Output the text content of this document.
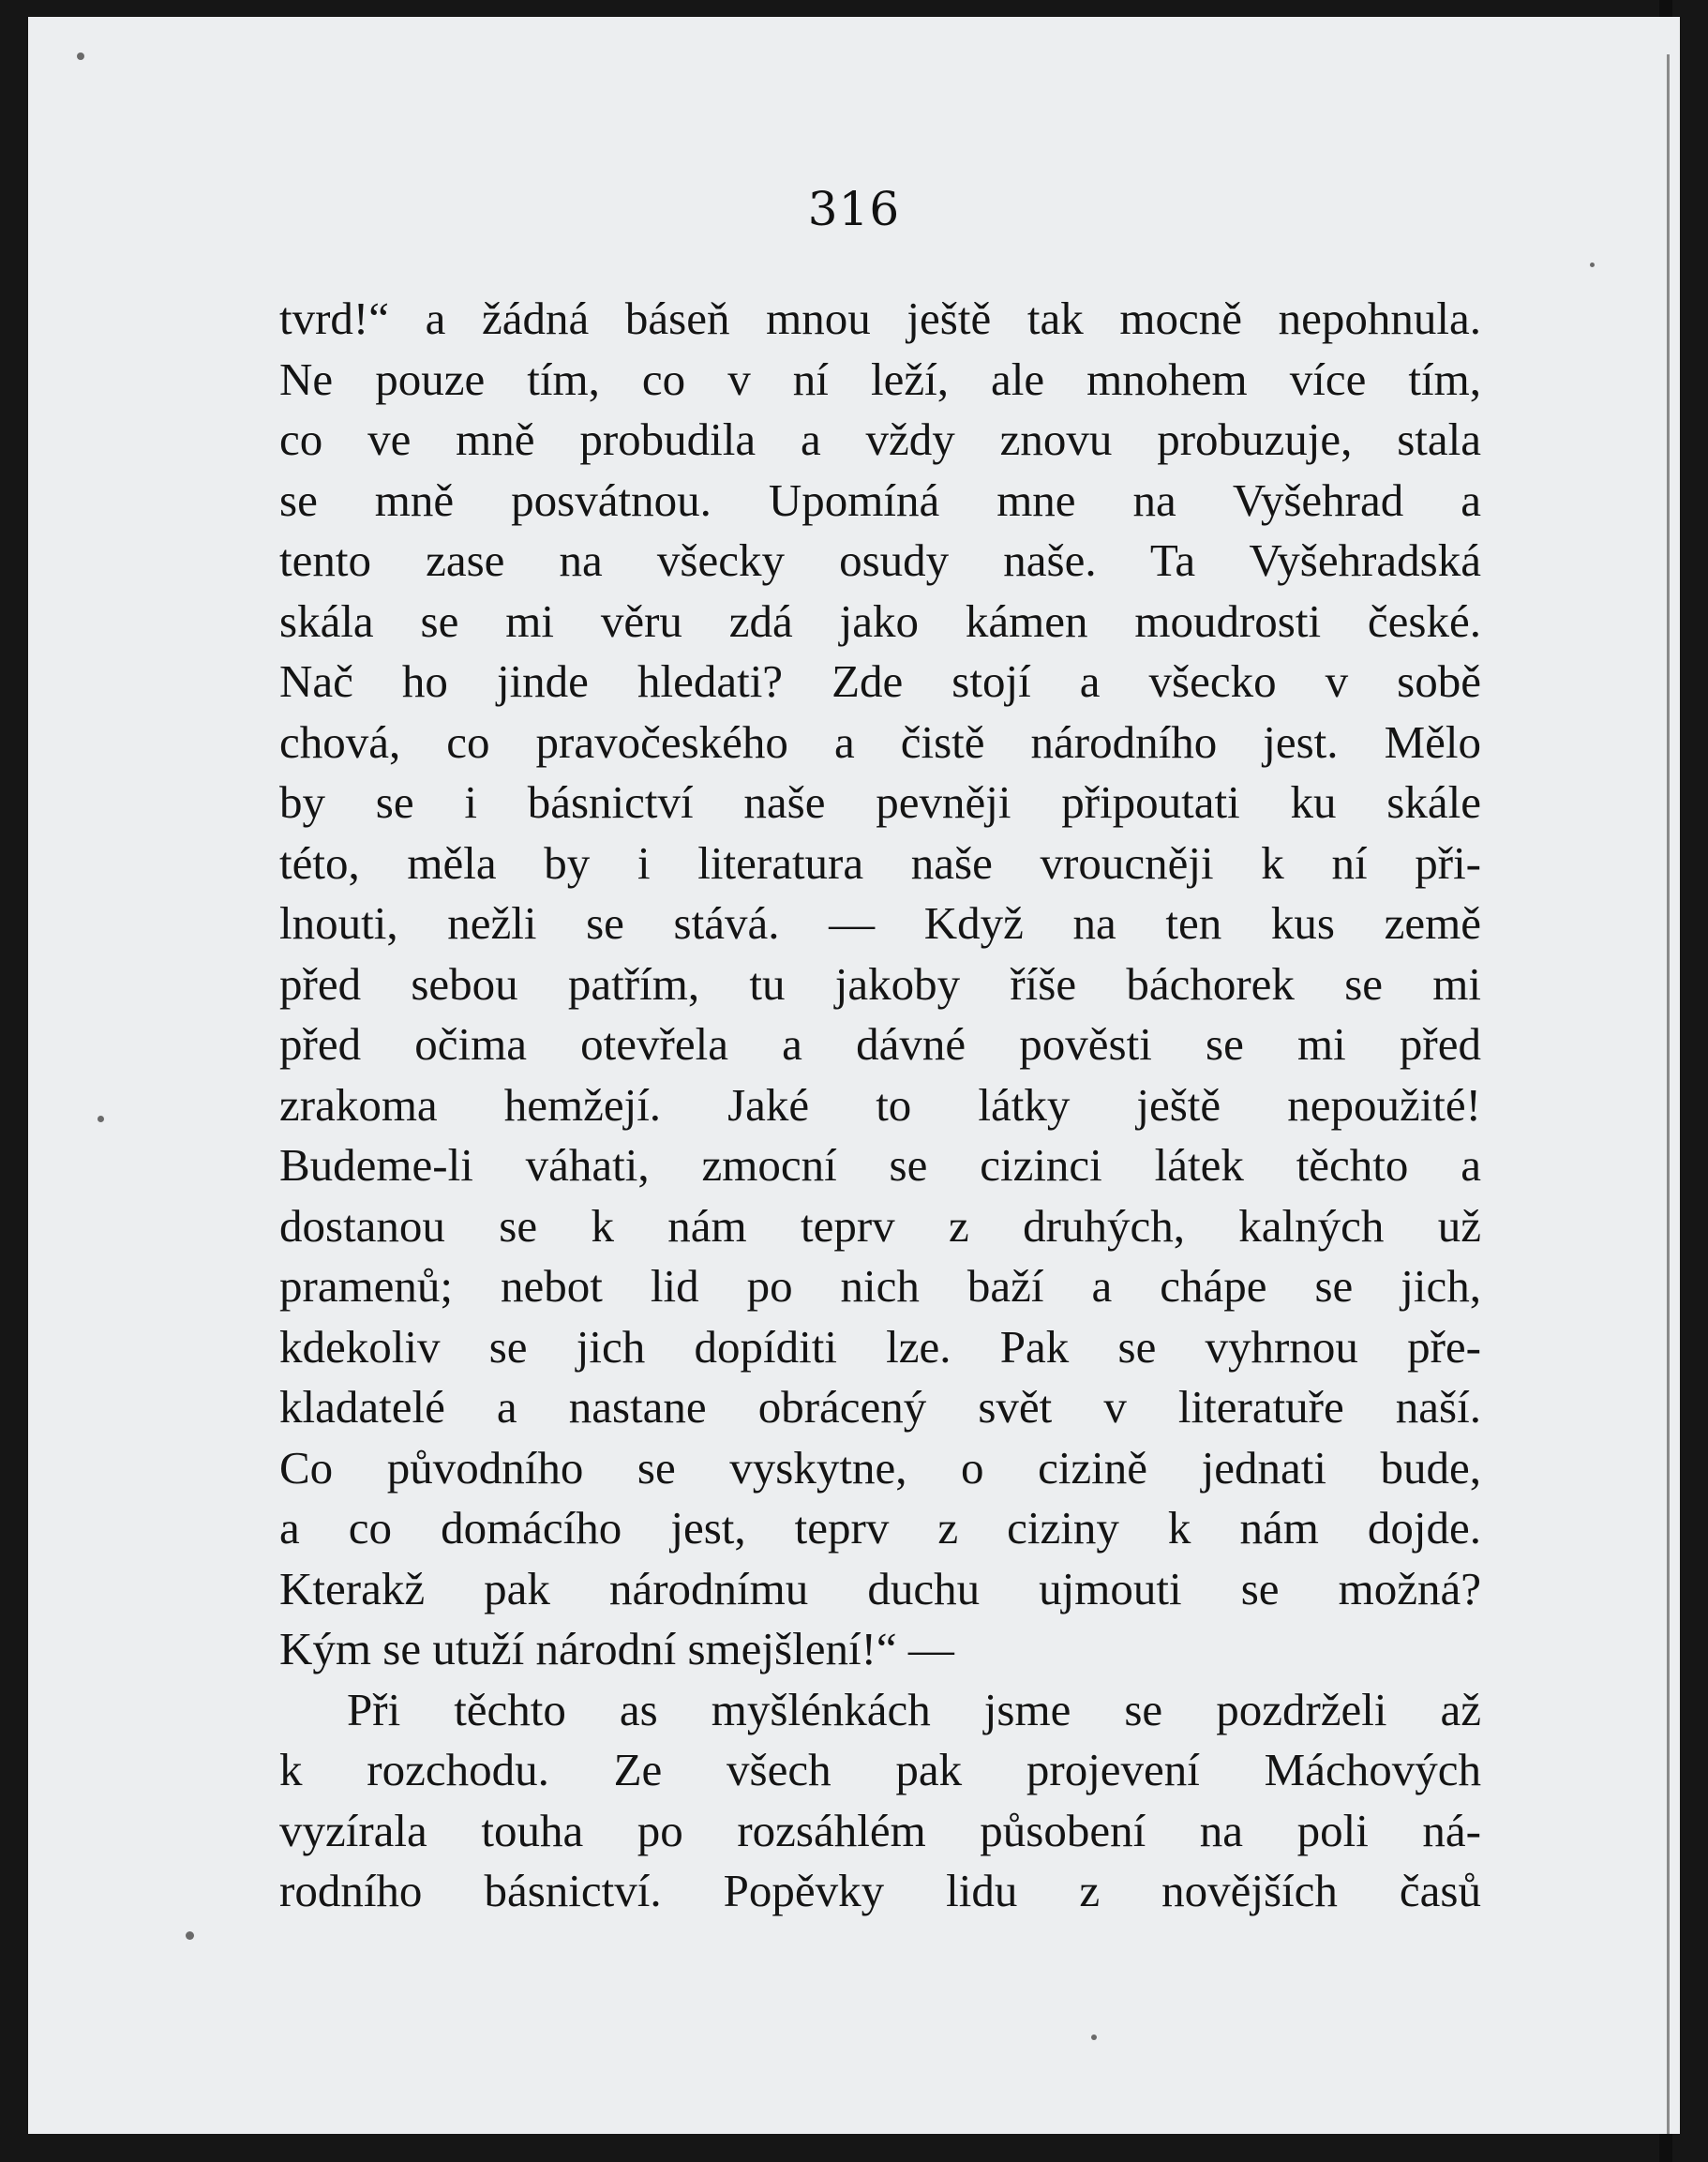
316
tvrd!“ a žádná báseň mnou ještě tak mocně nepohnula.
Ne pouze tím, co v ní leží, ale mnohem více tím,
co ve mně probudila a vždy znovu probuzuje, stala
se mně posvátnou. Upomíná mne na Vyšehrad a
tento zase na všecky osudy naše. Ta Vyšehradská
skála se mi věru zdá jako kámen moudrosti české.
Nač ho jinde hledati? Zde stojí a všecko v sobě
chová, co pravočeského a čistě národního jest. Mělo
by se i básnictví naše pevněji připoutati ku skále
této, měla by i literatura naše vroucněji k ní při-
lnouti, nežli se stává. — Když na ten kus země
před sebou patřím, tu jakoby říše báchorek se mi
před očima otevřela a dávné pověsti se mi před
zrakoma hemžejí. Jaké to látky ještě nepoužité!
Budeme-li váhati, zmocní se cizinci látek těchto a
dostanou se k nám teprv z druhých, kalných už
pramenů; nebot lid po nich baží a chápe se jich,
kdekoliv se jich dopíditi lze. Pak se vyhrnou pře-
kladatelé a nastane obrácený svět v literatuře naší.
Co původního se vyskytne, o cizině jednati bude,
a co domácího jest, teprv z ciziny k nám dojde.
Kterakž pak národnímu duchu ujmouti se možná?
Kým se utuží národní smejšlení!“ —
Při těchto as myšlénkách jsme se pozdrželi až
k rozchodu. Ze všech pak projevení Máchových
vyzírala touha po rozsáhlém působení na poli ná-
rodního básnictví. Popěvky lidu z novějších časů
